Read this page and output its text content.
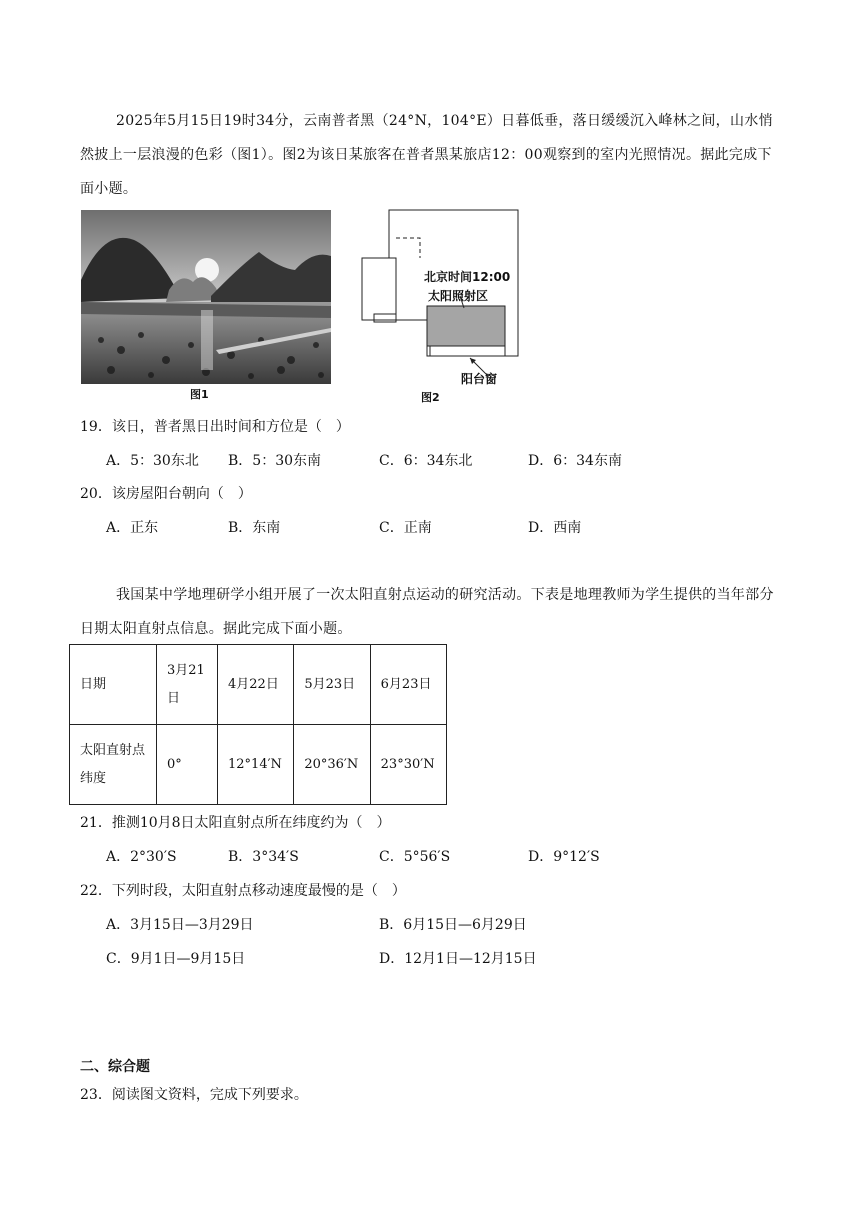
2025年5月15日19时34分，云南普者黑（24°N，104°E）日暮低垂，落日缓缓沉入峰林之间，山水悄然披上一层浪漫的色彩（图1）。图2为该日某旅客在普者黑某旅店12：00观察到的室内光照情况。据此完成下面小题。
图1
北京时间12:00
太阳照射区
阳台窗
图2
19．该日，普者黑日出时间和方位是（　）
A．5：30东北 B．5：30东南	C．6：34东北	D．6：34东南
20．该房屋阳台朝向（　）
A．正东	B．东南	C．正南	D．西南
我国某中学地理研学小组开展了一次太阳直射点运动的研究活动。下表是地理教师为学生提供的当年部分日期太阳直射点信息。据此完成下面小题。
日期	3月21日	4月22日	5月23日	6月23日
太阳直射点纬度	0°	12°14′N	20°36′N	23°30′N
21．推测10月8日太阳直射点所在纬度约为（　）
A．2°30′S	B．3°34′S	C．5°56′S	D．9°12′S
22．下列时段，太阳直射点移动速度最慢的是（　）
A．3月15日—3月29日	B．6月15日—6月29日
C．9月1日—9月15日	D．12月1日—12月15日
二、综合题
23．阅读图文资料，完成下列要求。
